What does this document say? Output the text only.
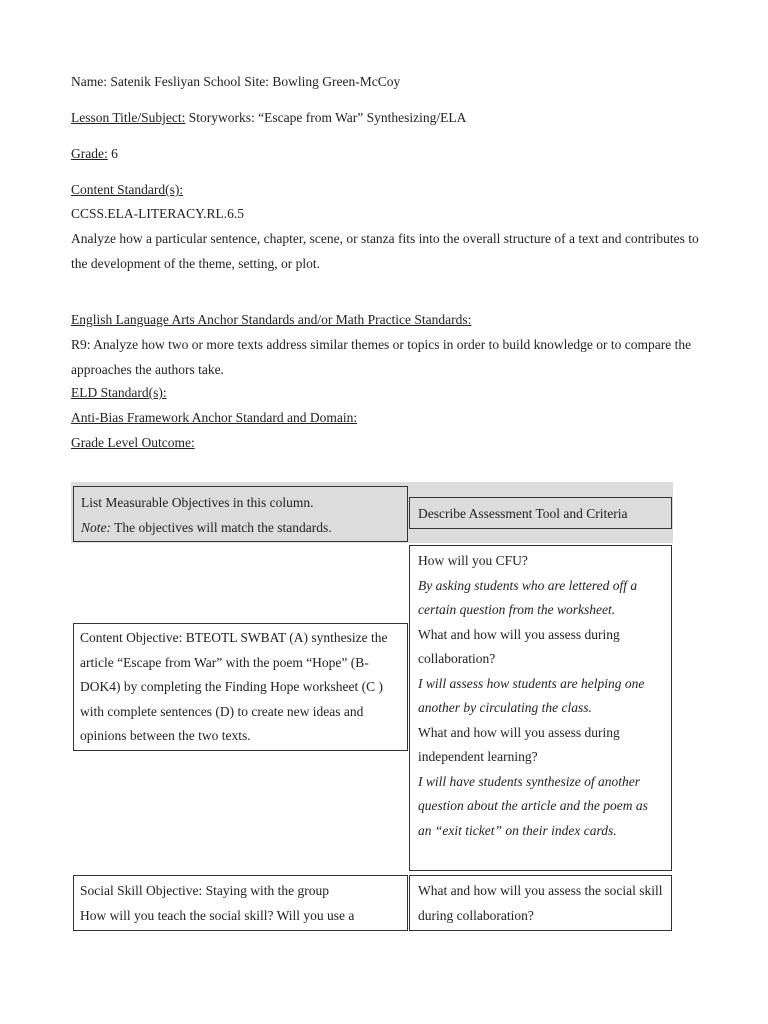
Name: Satenik Fesliyan School Site: Bowling Green-McCoy
Lesson Title/Subject: Storyworks: “Escape from War” Synthesizing/ELA
Grade: 6
Content Standard(s):
CCSS.ELA-LITERACY.RL.6.5
Analyze how a particular sentence, chapter, scene, or stanza fits into the overall structure of a text and contributes to the development of the theme, setting, or plot.
English Language Arts Anchor Standards and/or Math Practice Standards:
R9: Analyze how two or more texts address similar themes or topics in order to build knowledge or to compare the approaches the authors take.
ELD Standard(s):
Anti-Bias Framework Anchor Standard and Domain:
Grade Level Outcome:
List Measurable Objectives in this column.
Note: The objectives will match the standards.
Describe Assessment Tool and Criteria
Content Objective: BTEOTL SWBAT (A) synthesize the article “Escape from War” with the poem “Hope” (B-DOK4) by completing the Finding Hope worksheet (C ) with complete sentences (D) to create new ideas and opinions between the two texts.
How will you CFU?
By asking students who are lettered off a certain question from the worksheet.
What and how will you assess during collaboration?
I will assess how students are helping one another by circulating the class.
What and how will you assess during independent learning?
I will have students synthesize of another question about the article and the poem as an “exit ticket” on their index cards.
Social Skill Objective: Staying with the group
How will you teach the social skill? Will you use a
What and how will you assess the social skill during collaboration?
